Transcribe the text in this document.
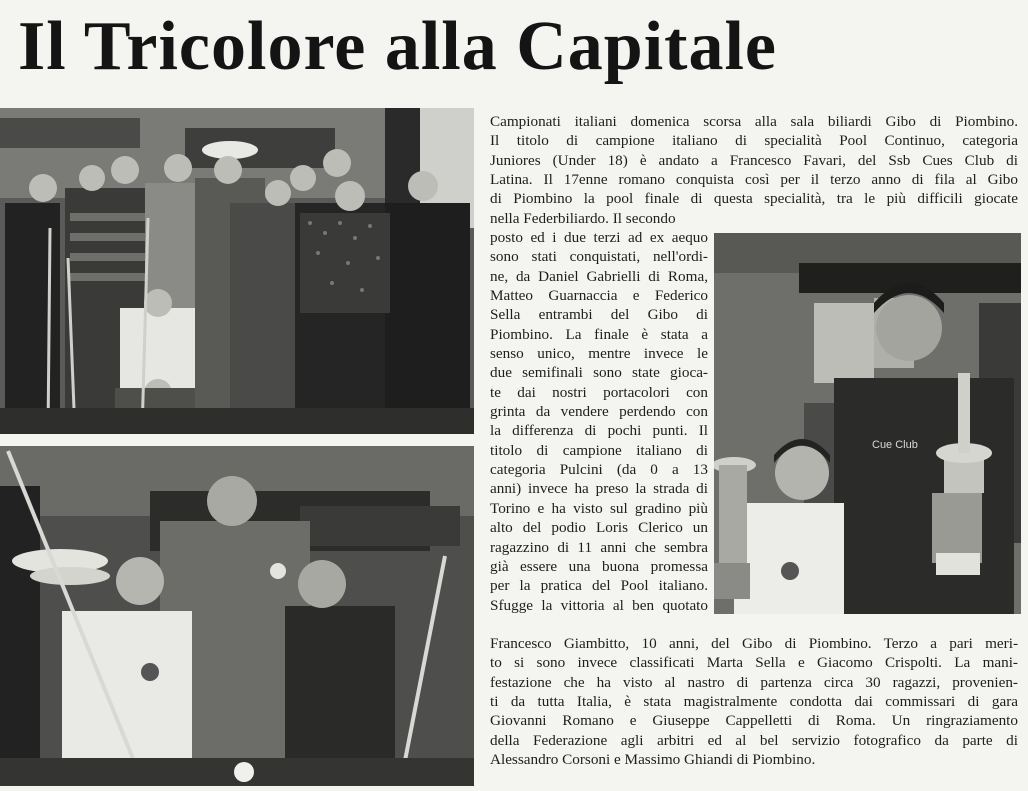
Il Tricolore alla Capitale
Cue Club
Campionati italiani domenica scorsa alla sala biliardi Gibo di Piombino.
Il titolo di campione italiano di specialità Pool Continuo, categoria
Juniores (Under 18) è andato a Francesco Favari, del Ssb Cues Club di
Latina. Il 17enne romano conquista così per il terzo anno di fila al Gibo
di Piombino la pool finale di questa specialità, tra le più difficili giocate
nella Federbiliardo. Il secondo
posto ed i due terzi ad ex aequo
sono stati conquistati, nell'ordi-
ne, da Daniel Gabrielli di Roma,
Matteo Guarnaccia e Federico
Sella entrambi del Gibo di
Piombino. La finale è stata a
senso unico, mentre invece le
due semifinali sono state gioca-
te dai nostri portacolori con
grinta da vendere perdendo con
la differenza di pochi punti. Il
titolo di campione italiano di
categoria Pulcini (da 0 a 13
anni) invece ha preso la strada di
Torino e ha visto sul gradino più
alto del podio Loris Clerico un
ragazzino di 11 anni che sembra
già essere una buona promessa
per la pratica del Pool italiano.
Sfugge la vittoria al ben quotato
Francesco Giambitto, 10 anni, del Gibo di Piombino. Terzo a pari meri-
to si sono invece classificati Marta Sella e Giacomo Crispolti. La mani-
festazione che ha visto al nastro di partenza circa 30 ragazzi, provenien-
ti da tutta Italia, è stata magistralmente condotta dai commissari di gara
Giovanni Romano e Giuseppe Cappelletti di Roma. Un ringraziamento
della Federazione agli arbitri ed al bel servizio fotografico da parte di
Alessandro Corsoni e Massimo Ghiandi di Piombino.
